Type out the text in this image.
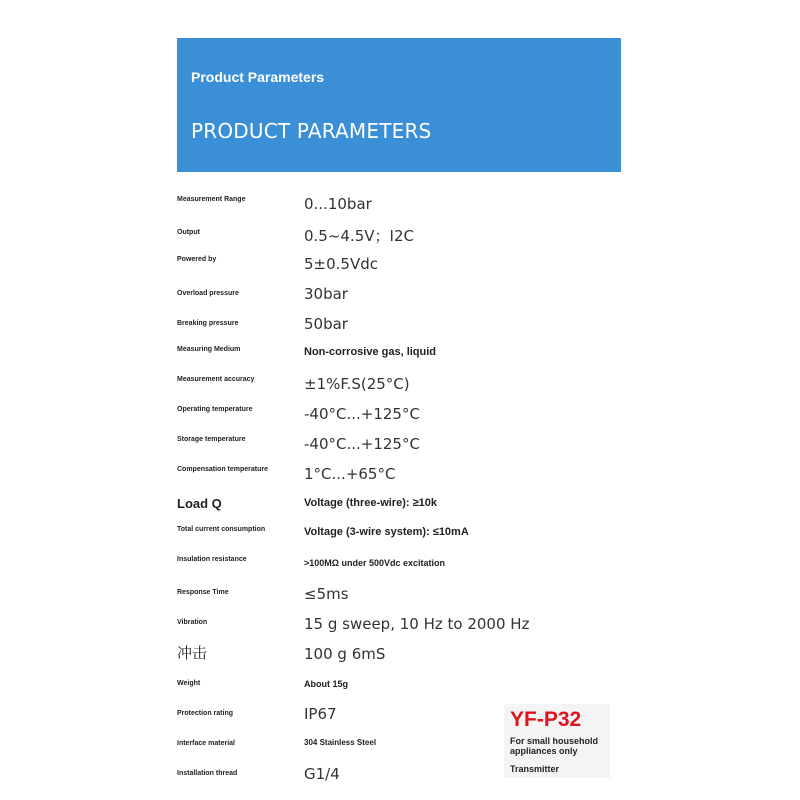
Product Parameters
PRODUCT PARAMETERS
Measurement Range	0...10bar
Output	0.5~4.5V；I2C
Powered by	5±0.5Vdc
Overload pressure	30bar
Breaking pressure	50bar
Measuring Medium	Non-corrosive gas, liquid
Measurement accuracy	±1%F.S(25°C)
Operating temperature	-40°C...+125°C
Storage temperature	-40°C...+125°C
Compensation temperature	1°C...+65°C
Load Q	Voltage (three-wire): ≥10k
Total current consumption	Voltage (3-wire system): ≤10mA
Insulation resistance	>100MΩ under 500Vdc excitation
Response Time	≤5ms
Vibration	15 g sweep, 10 Hz to 2000 Hz
冲击	100 g 6mS
Weight	About 15g
Protection rating	IP67
Interface material	304 Stainless Steel
Installation thread	G1/4
YF-P32
For small household appliances only
Transmitter
